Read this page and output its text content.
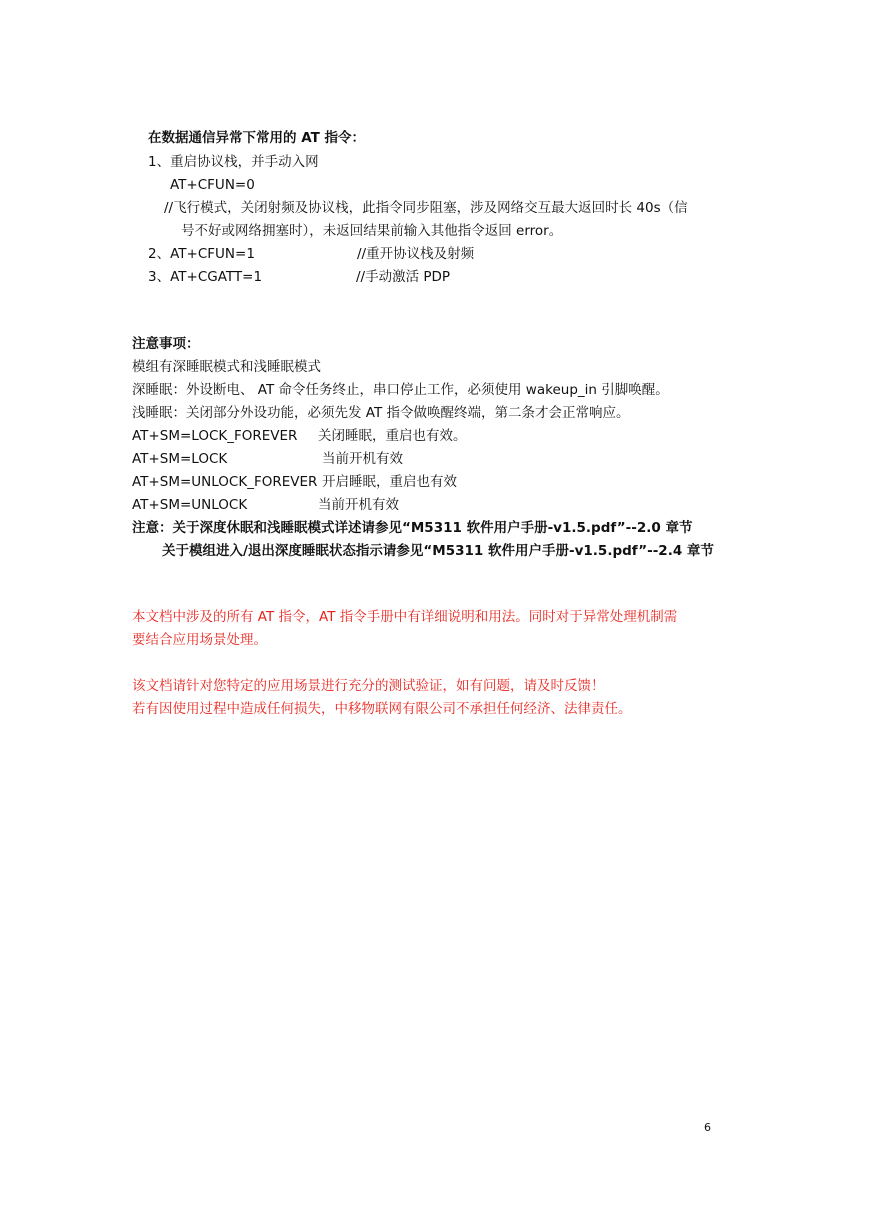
在数据通信异常下常用的 AT 指令：
1、重启协议栈，并手动入网
AT+CFUN=0
//飞行模式，关闭射频及协议栈，此指令同步阻塞，涉及网络交互最大返回时长 40s（信
号不好或网络拥塞时），未返回结果前输入其他指令返回 error。
2、AT+CFUN=1	//重开协议栈及射频
3、AT+CGATT=1	//手动激活 PDP
注意事项：
模组有深睡眠模式和浅睡眠模式
深睡眠：外设断电、 AT 命令任务终止，串口停止工作，必须使用 wakeup_in 引脚唤醒。
浅睡眠：关闭部分外设功能，必须先发 AT 指令做唤醒终端，第二条才会正常响应。
AT+SM=LOCK_FOREVER 关闭睡眠，重启也有效。
AT+SM=LOCK	当前开机有效
AT+SM=UNLOCK_FOREVER 开启睡眠，重启也有效
AT+SM=UNLOCK	当前开机有效
注意：关于深度休眠和浅睡眠模式详述请参见“M5311 软件用户手册-v1.5.pdf”--2.0 章节
关于模组进入/退出深度睡眠状态指示请参见“M5311 软件用户手册-v1.5.pdf”--2.4 章节
本文档中涉及的所有 AT 指令，AT 指令手册中有详细说明和用法。同时对于异常处理机制需
要结合应用场景处理。
该文档请针对您特定的应用场景进行充分的测试验证，如有问题，请及时反馈！
若有因使用过程中造成任何损失，中移物联网有限公司不承担任何经济、法律责任。
6
